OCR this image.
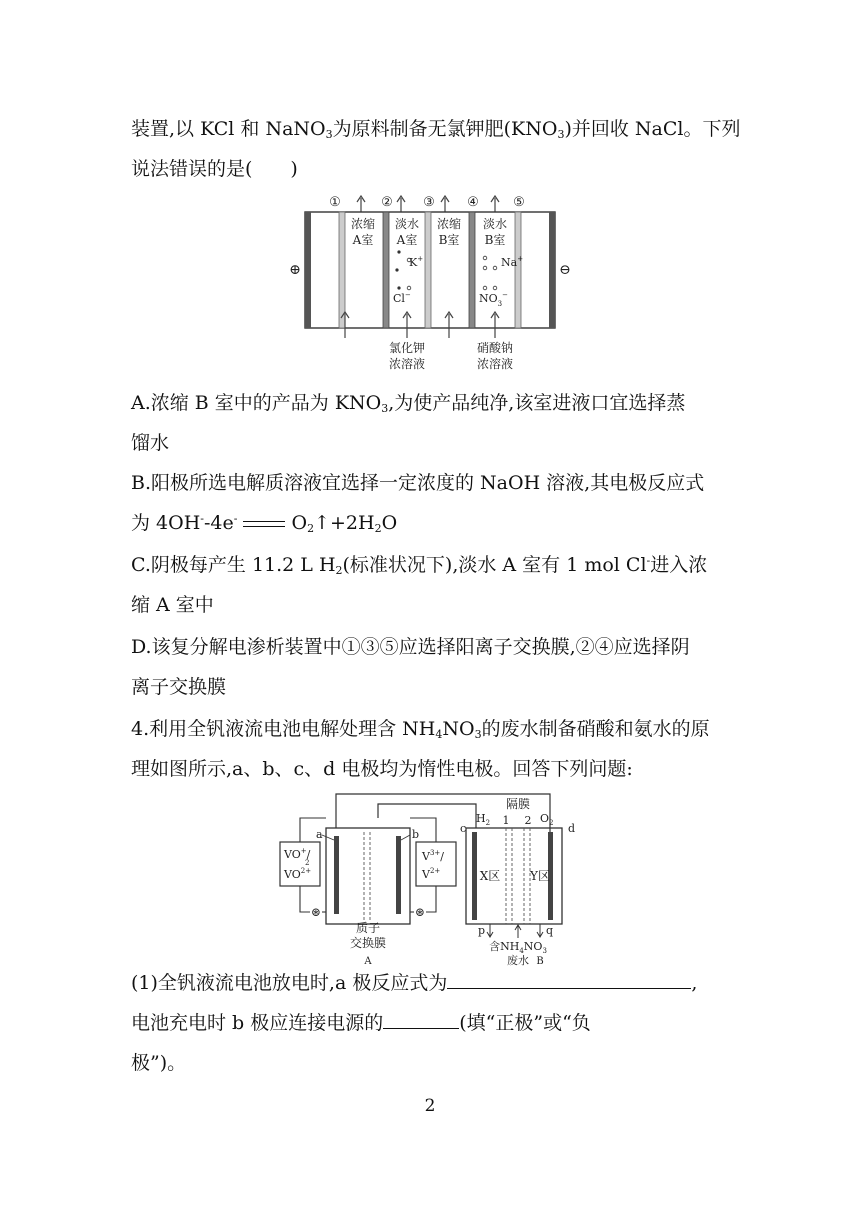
装置,以 KCl 和 NaNO$_3$为原料制备无氯钾肥$(KNO_3)$并回收 NaCl。下列
说法错误的是(　　)
①	② ③ ④	⑤
⊕	⊖
浓缩
A室
淡水
A室
浓缩
B室
淡水
B室
K+
Cl−
Na+
$NO_3^-$
氯化钾
浓溶液
硝酸钠
浓溶液
A.浓缩 B 室中的产品为 $KNO_3$,为使产品纯净,该室进液口宜选择蒸
馏水
B.阳极所选电解质溶液宜选择一定浓度的 NaOH 溶液,其电极反应式
为 4OH--4e-	$O_2↑+2H_2O$
C.阴极每产生 11.2 L $H_2$(标准状况下),淡水 A 室有 1 mol Cl-进入浓
缩 A 室中
D.该复分解电渗析装置中①③⑤应选择阳离子交换膜,②④应选择阴
离子交换膜
4.利用全钒液流电池电解处理含 $NH_4NO_3$的废水制备硝酸和氨水的原
理如图所示,a、b、c、d 电极均为惰性电极。回答下列问题:
a	b
VO+/
2
$VO^{2+}$
$V^{3+}/$
$V^{2+}$
⊛	⊛
质子
交换膜
A
c	d
隔膜
$H_2$	$O_2$
1 2
X区 Y区
p	q
含$NH_4NO_3$
废水 B
(1)全钒液流电池放电时,a 极反应式为	,
电池充电时 b 极应连接电源的	(填“正极”或“负
极”)。
2
